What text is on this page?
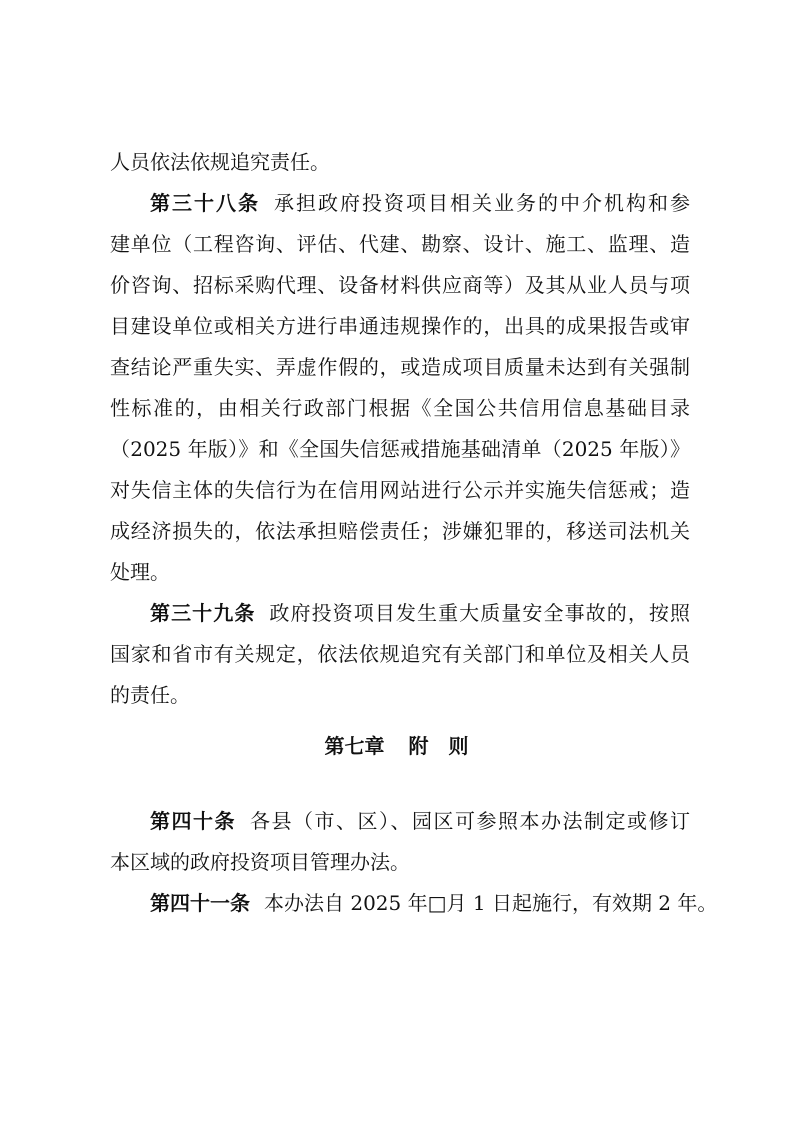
人员依法依规追究责任。
第三十八条 承担政府投资项目相关业务的中介机构和参
建单位（工程咨询、评估、代建、勘察、设计、施工、监理、造
价咨询、招标采购代理、设备材料供应商等）及其从业人员与项
目建设单位或相关方进行串通违规操作的，出具的成果报告或审
查结论严重失实、弄虚作假的，或造成项目质量未达到有关强制
性标准的，由相关行政部门根据《全国公共信用信息基础目录
（2025 年版）》和《全国失信惩戒措施基础清单（2025 年版）》
对失信主体的失信行为在信用网站进行公示并实施失信惩戒；造
成经济损失的，依法承担赔偿责任；涉嫌犯罪的，移送司法机关
处理。
第三十九条 政府投资项目发生重大质量安全事故的，按照
国家和省市有关规定，依法依规追究有关部门和单位及相关人员
的责任。
第七章 附　则
第四十条 各县（市、区）、园区可参照本办法制定或修订
本区域的政府投资项目管理办法。
第四十一条 本办法自 2025 年□月 1 日起施行，有效期 2 年。
